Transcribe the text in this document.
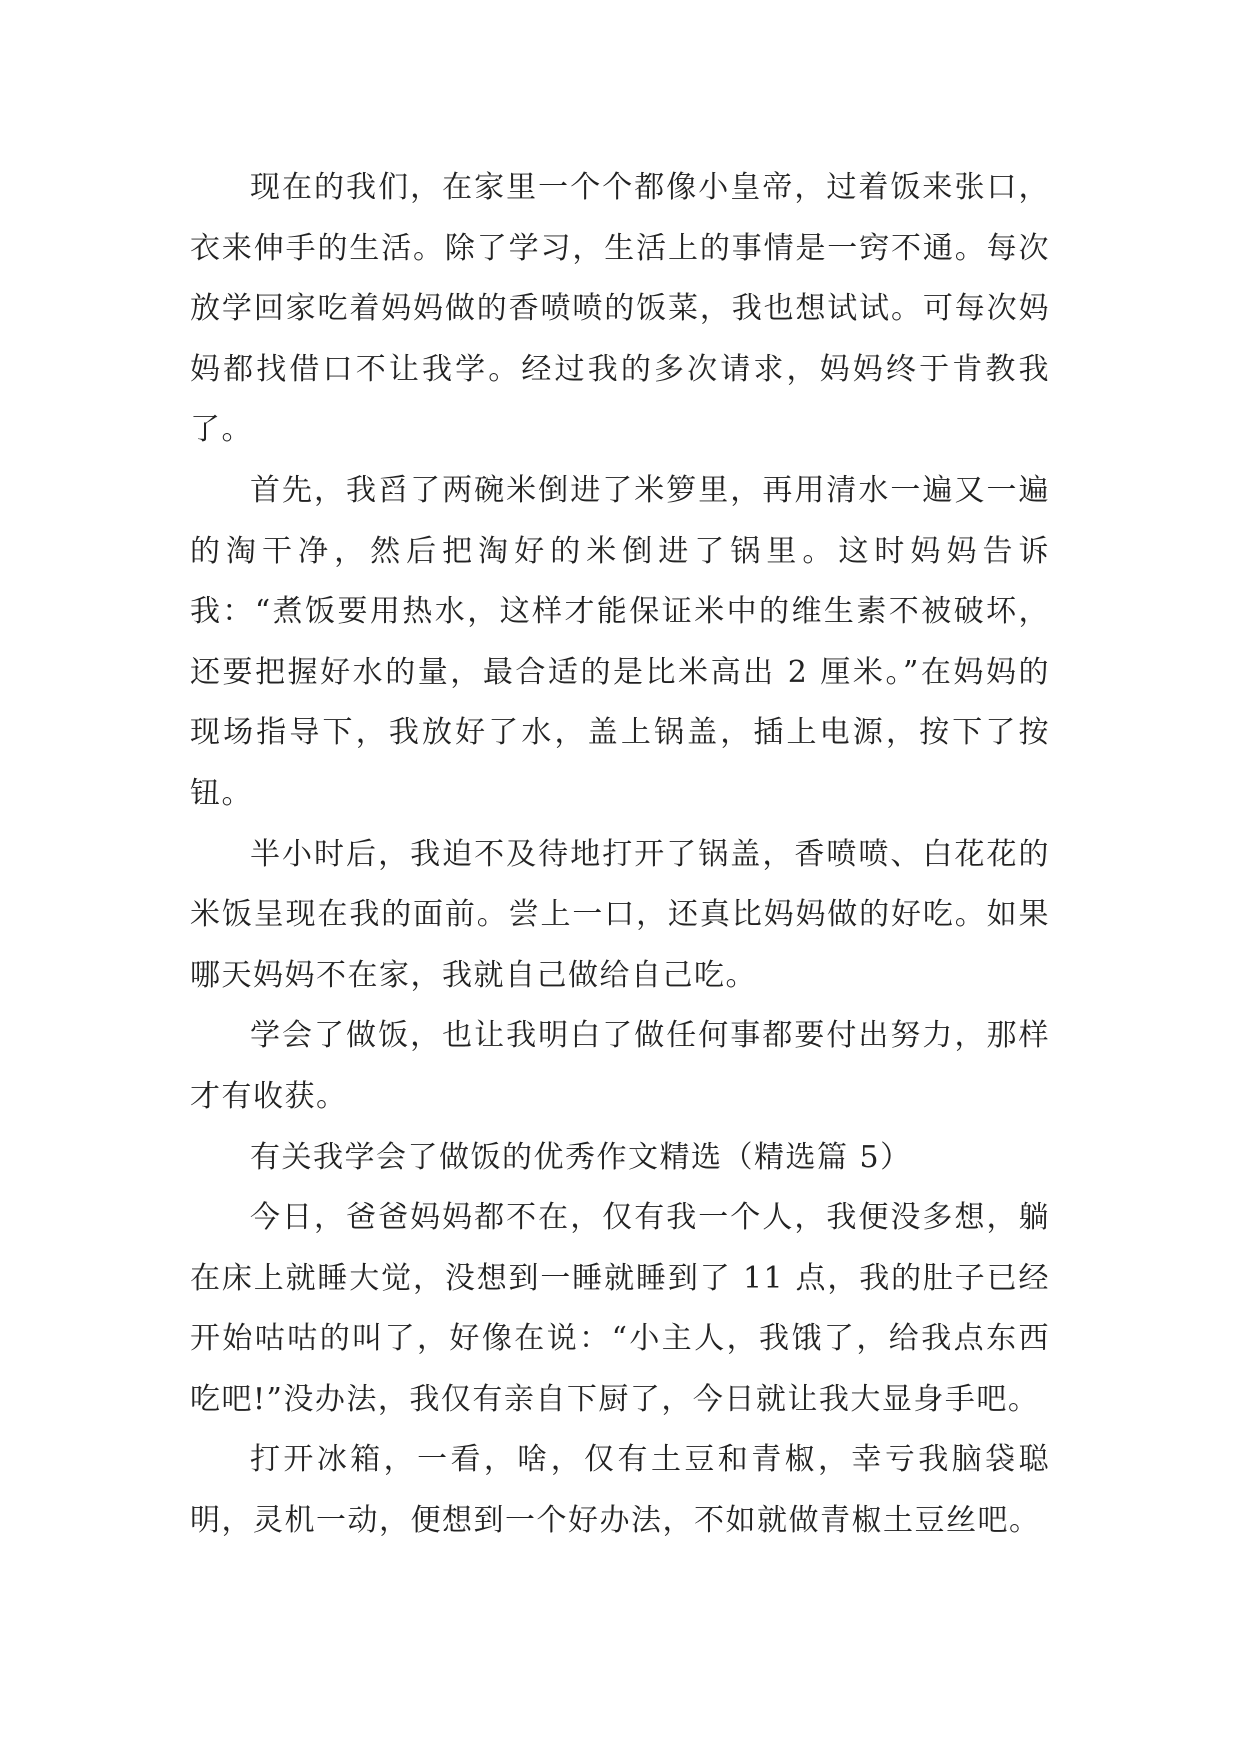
现在的我们，在家里一个个都像小皇帝，过着饭来张口，衣来伸手的生活。除了学习，生活上的事情是一窍不通。每次放学回家吃着妈妈做的香喷喷的饭菜，我也想试试。可每次妈妈都找借口不让我学。经过我的多次请求，妈妈终于肯教我了。

首先，我舀了两碗米倒进了米箩里，再用清水一遍又一遍的淘干净，然后把淘好的米倒进了锅里。这时妈妈告诉我：“煮饭要用热水，这样才能保证米中的维生素不被破坏，还要把握好水的量，最合适的是比米高出 2 厘米。”在妈妈的现场指导下，我放好了水，盖上锅盖，插上电源，按下了按钮。

半小时后，我迫不及待地打开了锅盖，香喷喷、白花花的米饭呈现在我的面前。尝上一口，还真比妈妈做的好吃。如果哪天妈妈不在家，我就自己做给自己吃。

学会了做饭，也让我明白了做任何事都要付出努力，那样才有收获。

有关我学会了做饭的优秀作文精选（精选篇 5）

今日，爸爸妈妈都不在，仅有我一个人，我便没多想，躺在床上就睡大觉，没想到一睡就睡到了 11 点，我的肚子已经开始咕咕的叫了，好像在说：“小主人，我饿了，给我点东西吃吧!”没办法，我仅有亲自下厨了，今日就让我大显身手吧。

打开冰箱，一看，啥，仅有土豆和青椒，幸亏我脑袋聪明，灵机一动，便想到一个好办法，不如就做青椒土豆丝吧。
